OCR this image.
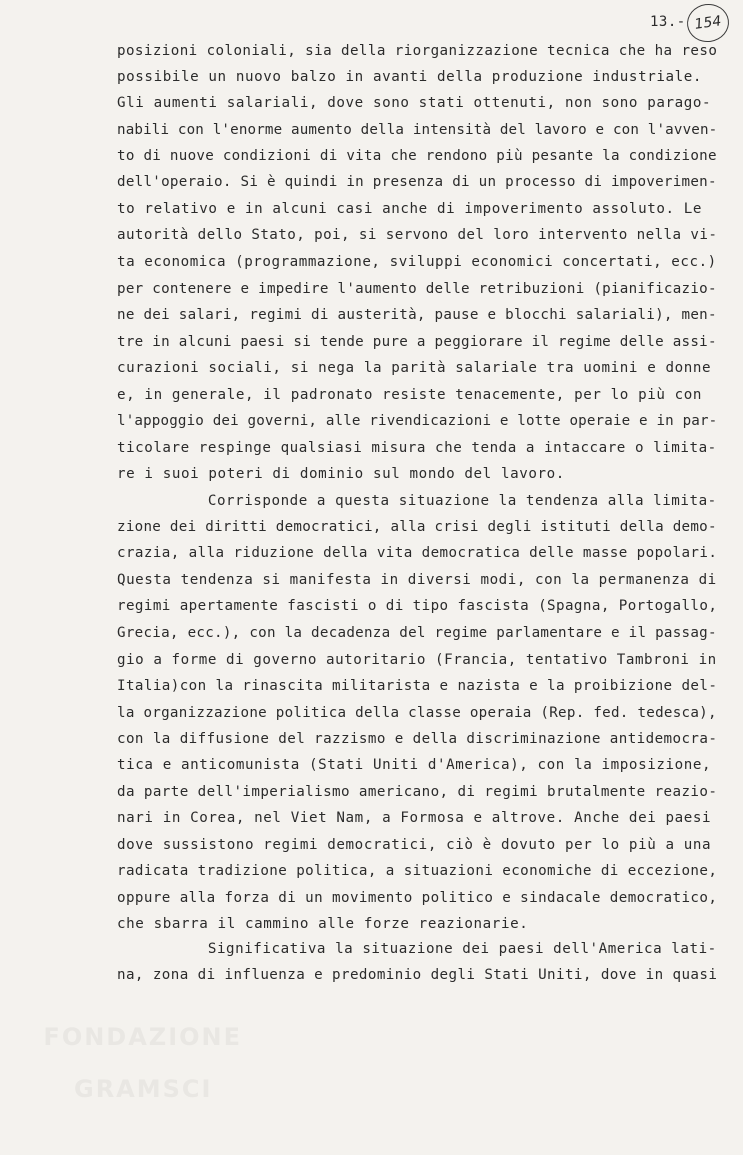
13.- 154
posizioni coloniali, sia della riorganizzazione tecnica che ha reso
possibile un nuovo balzo in avanti della produzione industriale.
Gli aumenti salariali, dove sono stati ottenuti, non sono parago-
nabili con l'enorme aumento della intensità del lavoro e con l'avven-
to di nuove condizioni di vita che rendono più pesante la condizione
dell'operaio. Si è quindi in presenza di un processo di impoverimen-
to relativo e in alcuni casi anche di impoverimento assoluto. Le
autorità dello Stato, poi, si servono del loro intervento nella vi-
ta economica (programmazione, sviluppi economici concertati, ecc.)
per contenere e impedire l'aumento delle retribuzioni (pianificazio-
ne dei salari, regimi di austerità, pause e blocchi salariali), men-
tre in alcuni paesi si tende pure a peggiorare il regime delle assi-
curazioni sociali, si nega la parità salariale tra uomini e donne
e, in generale, il padronato resiste tenacemente, per lo più con
l'appoggio dei governi, alle rivendicazioni e lotte operaie e in par-
ticolare respinge qualsiasi misura che tenda a intaccare o limita-
re i suoi poteri di dominio sul mondo del lavoro.
Corrisponde a questa situazione la tendenza alla limita-
zione dei diritti democratici, alla crisi degli istituti della demo-
crazia, alla riduzione della vita democratica delle masse popolari.
Questa tendenza si manifesta in diversi modi, con la permanenza di
regimi apertamente fascisti o di tipo fascista (Spagna, Portogallo,
Grecia, ecc.), con la decadenza del regime parlamentare e il passag-
gio a forme di governo autoritario (Francia, tentativo Tambroni in
Italia)con la rinascita militarista e nazista e la proibizione del-
la organizzazione politica della classe operaia (Rep. fed. tedesca),
con la diffusione del razzismo e della discriminazione antidemocra-
tica e anticomunista (Stati Uniti d'America), con la imposizione,
da parte dell'imperialismo americano, di regimi brutalmente reazio-
nari in Corea, nel Viet Nam, a Formosa e altrove. Anche dei paesi
dove sussistono regimi democratici, ciò è dovuto per lo più a una
radicata tradizione politica, a situazioni economiche di eccezione,
oppure alla forza di un movimento politico e sindacale democratico,
che sbarra il cammino alle forze reazionarie.
Significativa la situazione dei paesi dell'America lati-
na, zona di influenza e predominio degli Stati Uniti, dove in quasi

FONDAZIONE

GRAMSCI
